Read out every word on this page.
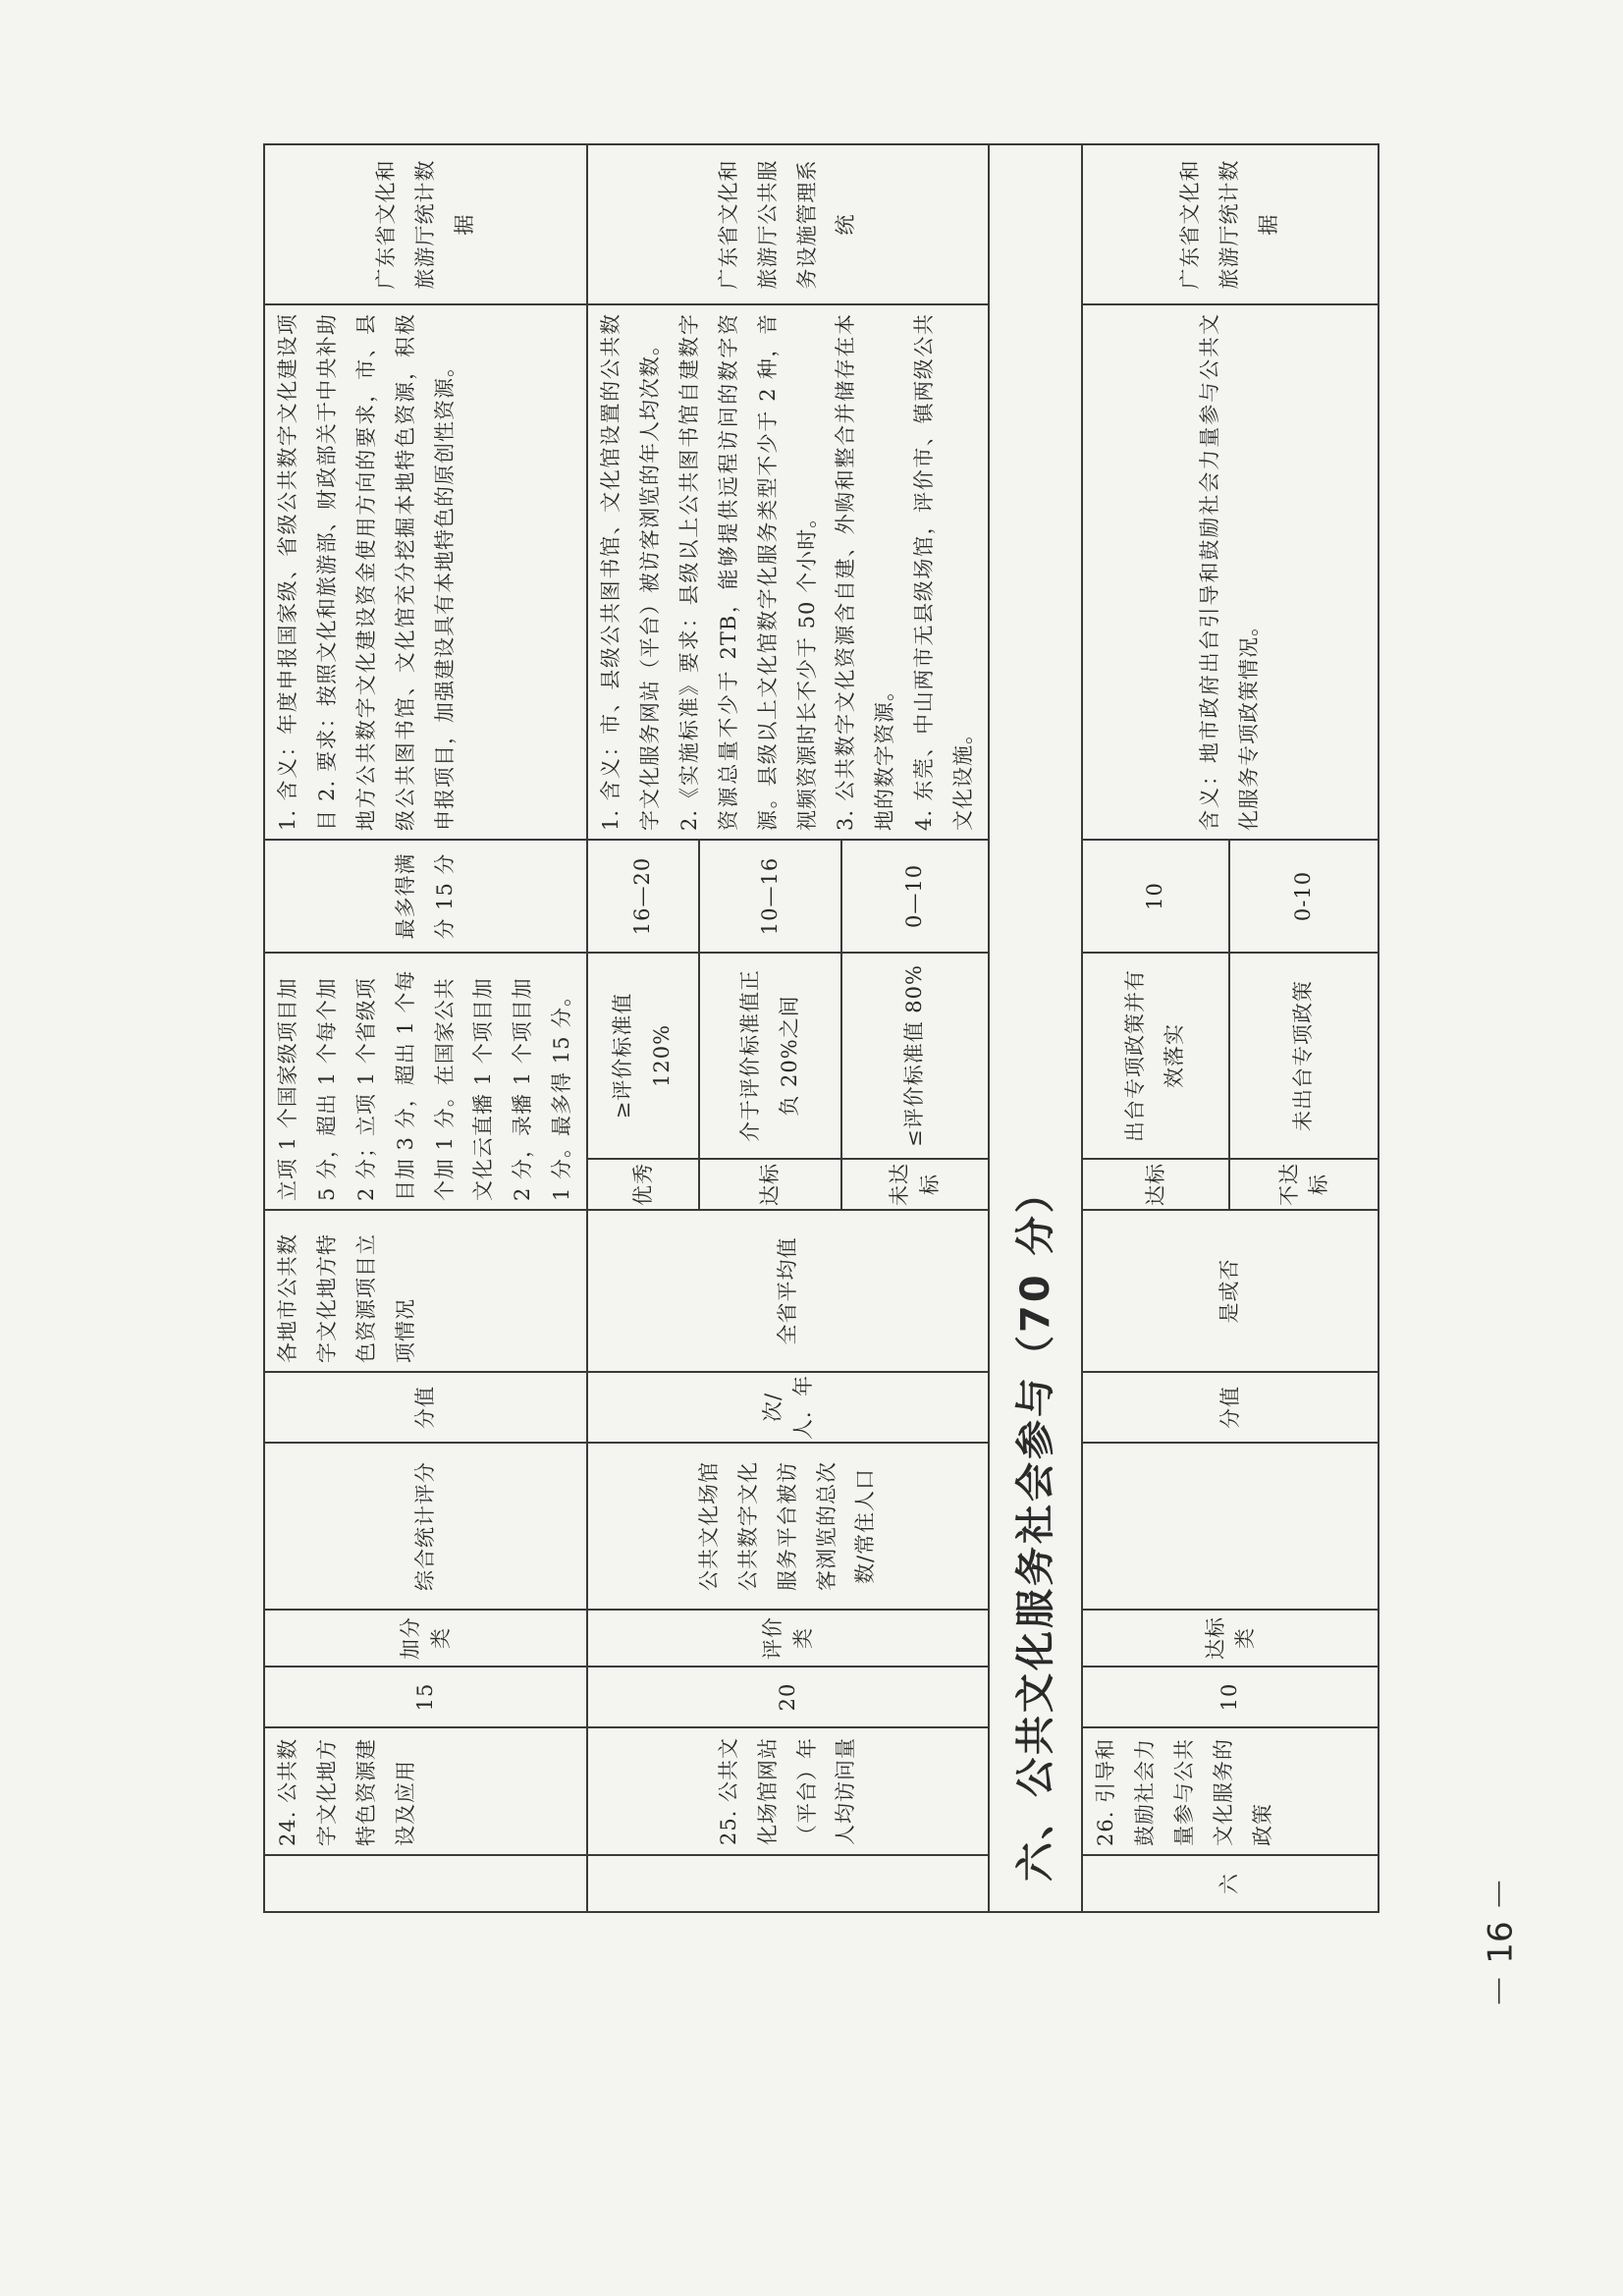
	24. 公共数字文化地方特色资源建设及应用	15	加分类	综合统计评分	分值	各地市公共数字文化地方特色资源项目立项情况	立项 1 个国家级项目加 5 分，超出 1 个每个加 2 分；立项 1 个省级项目加 3 分，超出 1 个每个加 1 分。在国家公共文化云直播 1 个项目加 2 分，录播 1 个项目加 1 分。最多得 15 分。		最多得满分 15 分	1. 含义：年度申报国家级、省级公共数字文化建设项目 2. 要求：按照文化和旅游部、财政部关于中央补助地方公共数字文化建设资金使用方向的要求，市、县级公共图书馆、文化馆充分挖掘本地特色资源，积极申报项目，加强建设具有本地特色的原创性资源。	广东省文化和旅游厅统计数据
	25. 公共文化场馆网站（平台）年人均访问量	20	评价类	公共文化场馆公共数字文化服务平台被访客浏览的总次数/常住人口	次/人．年	全省平均值	优秀	≥评价标准值 120%	16—20	1. 含义：市、县级公共图书馆、文化馆设置的公共数字文化服务网站（平台）被访客浏览的年人均次数。 2.《实施标准》要求：县级以上公共图书馆自建数字资源总量不少于 2TB，能够提供远程访问的数字资源。县级以上文化馆数字化服务类型不少于 2 种，音视频资源时长不少于 50 个小时。 3. 公共数字文化资源含自建、外购和整合并储存在本地的数字资源。 4. 东莞、中山两市无县级场馆，评价市、镇两级公共文化设施。	广东省文化和旅游厅公共服务设施管理系统
							达标	介于评价标准值正负 20%之间	10—16		
							未达标	≤评价标准值 80%	0—10		
六、公共文化服务社会参与（70 分）											
六	26. 引导和鼓励社会力量参与公共文化服务的政策	10	达标类		分值	是或否	达标	出台专项政策并有效落实	10	含义：地市政府出台引导和鼓励社会力量参与公共文化服务专项政策情况。	广东省文化和旅游厅统计数据
							不达标	未出台专项政策	0-10		
－ 16 －
